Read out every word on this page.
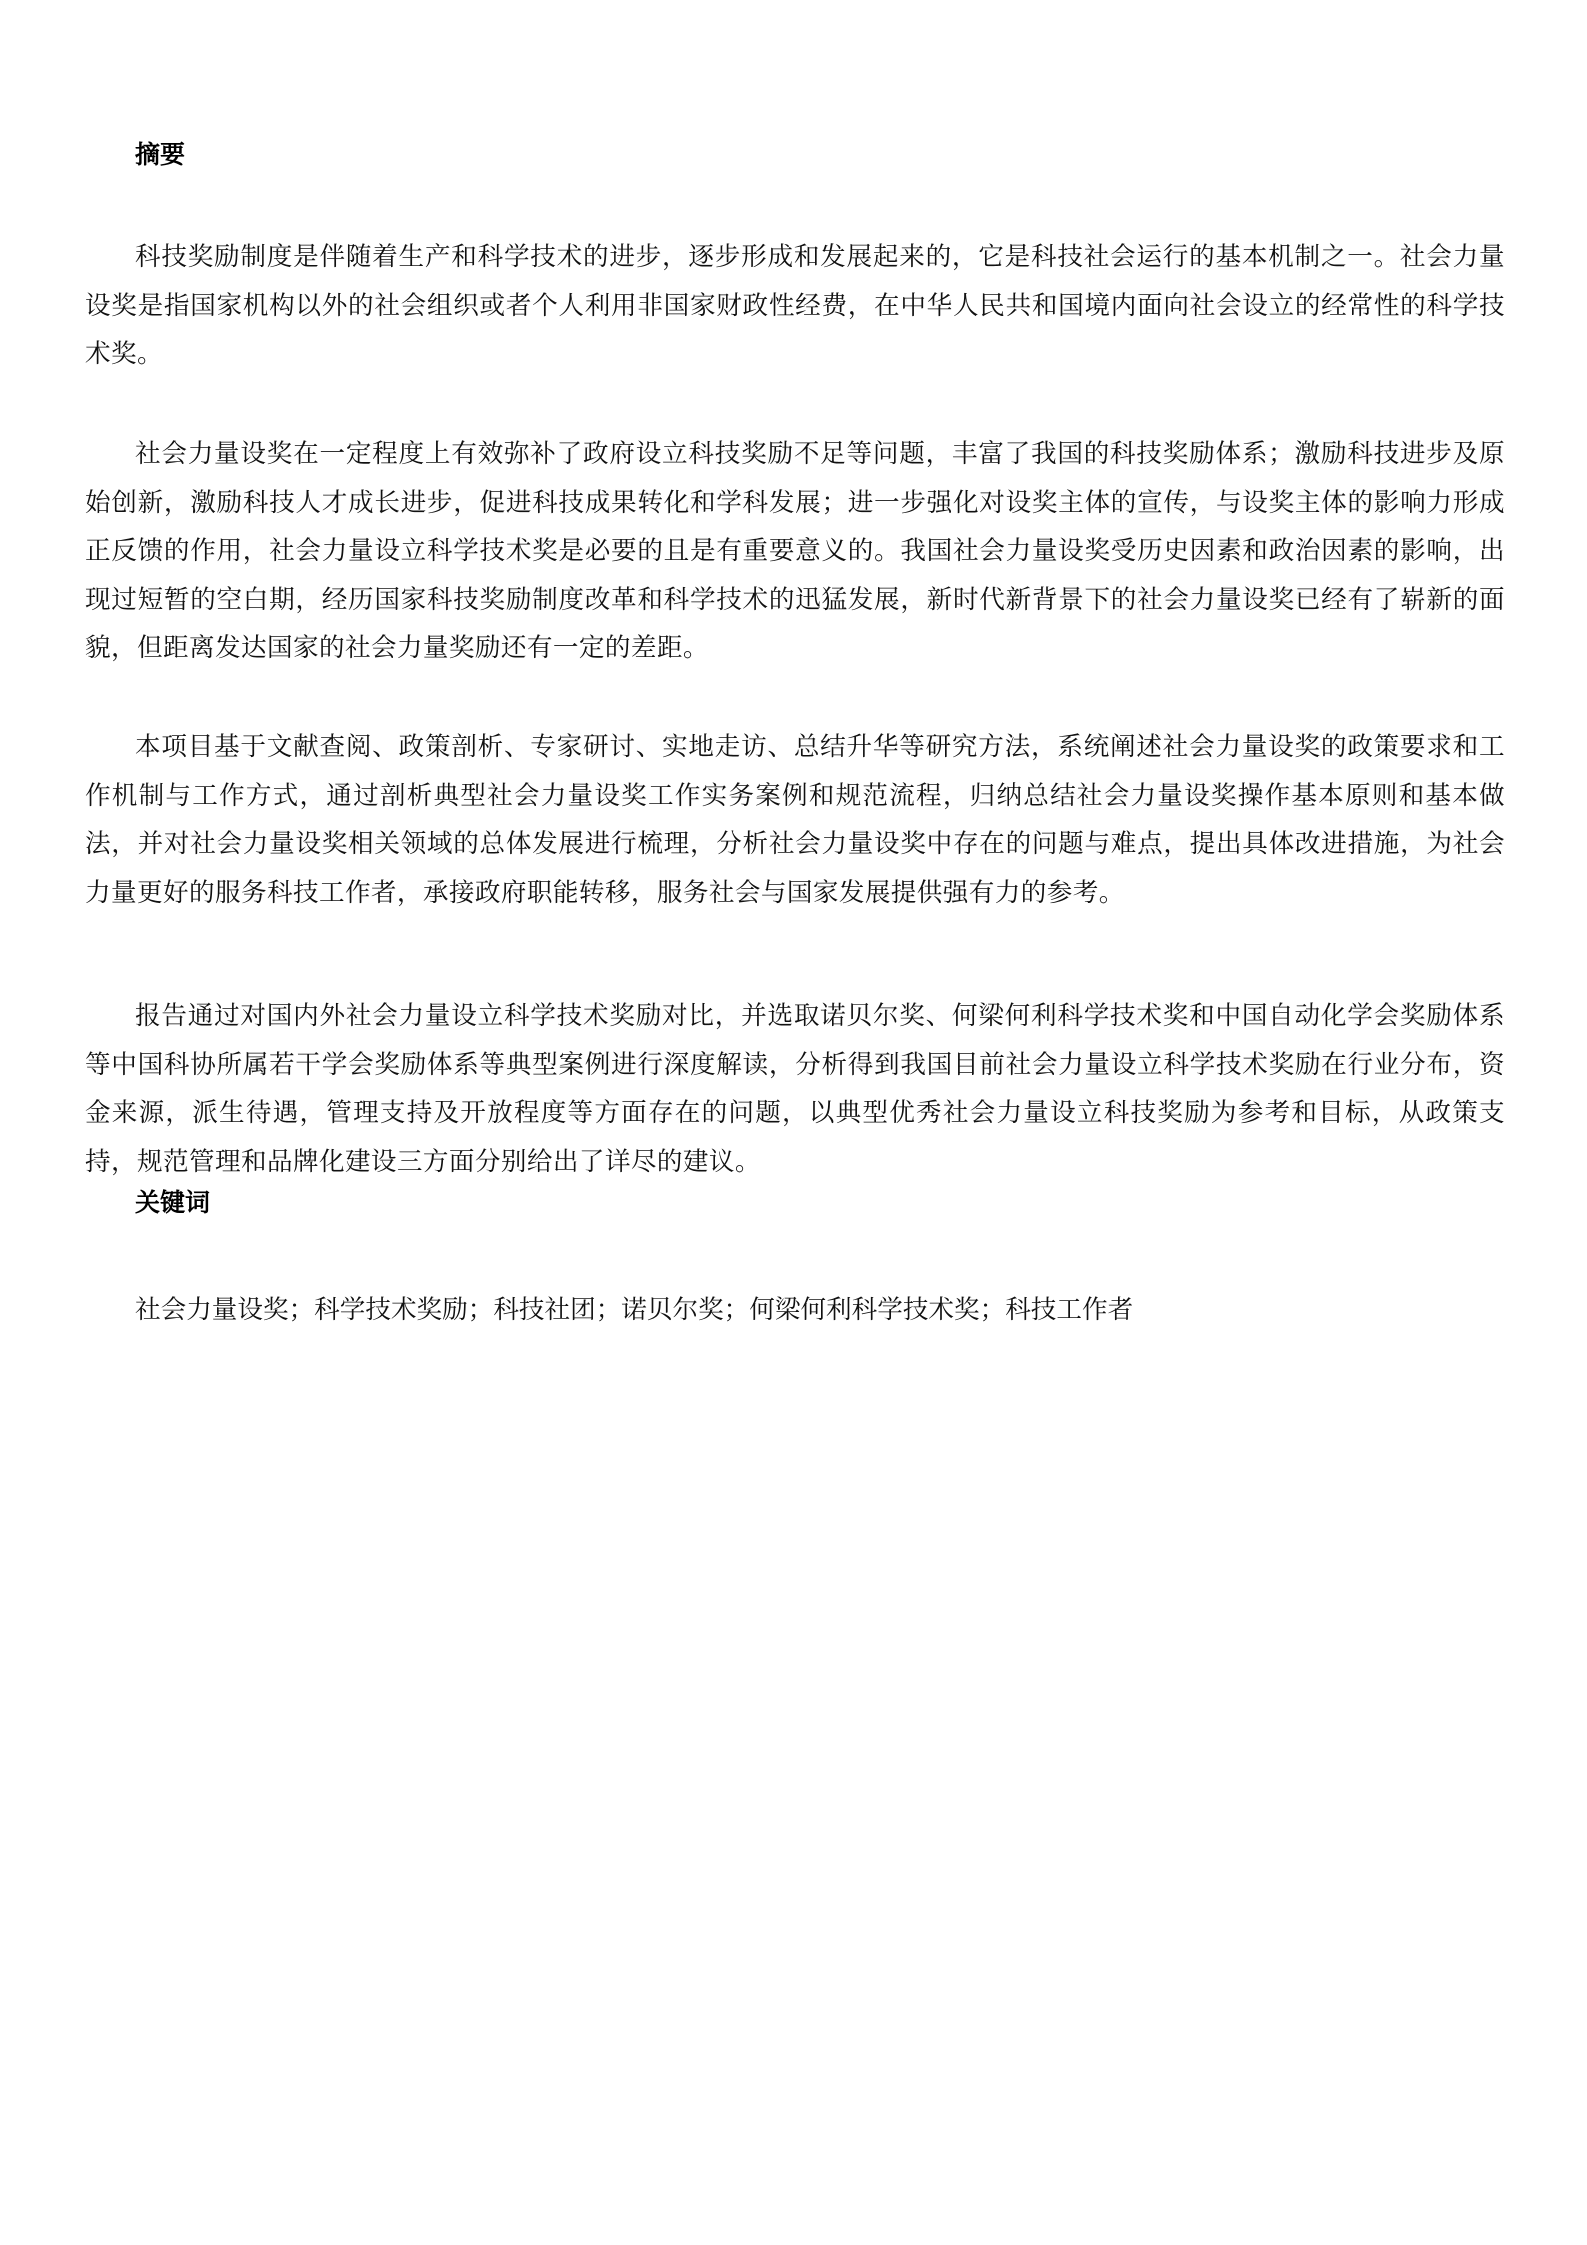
摘要

科技奖励制度是伴随着生产和科学技术的进步，逐步形成和发展起来的，它是科技社会运行的基本机制之一。社会力量设奖是指国家机构以外的社会组织或者个人利用非国家财政性经费，在中华人民共和国境内面向社会设立的经常性的科学技术奖。

社会力量设奖在一定程度上有效弥补了政府设立科技奖励不足等问题，丰富了我国的科技奖励体系；激励科技进步及原始创新，激励科技人才成长进步，促进科技成果转化和学科发展；进一步强化对设奖主体的宣传，与设奖主体的影响力形成正反馈的作用，社会力量设立科学技术奖是必要的且是有重要意义的。我国社会力量设奖受历史因素和政治因素的影响，出现过短暂的空白期，经历国家科技奖励制度改革和科学技术的迅猛发展，新时代新背景下的社会力量设奖已经有了崭新的面貌，但距离发达国家的社会力量奖励还有一定的差距。

本项目基于文献查阅、政策剖析、专家研讨、实地走访、总结升华等研究方法，系统阐述社会力量设奖的政策要求和工作机制与工作方式，通过剖析典型社会力量设奖工作实务案例和规范流程，归纳总结社会力量设奖操作基本原则和基本做法，并对社会力量设奖相关领域的总体发展进行梳理，分析社会力量设奖中存在的问题与难点，提出具体改进措施，为社会力量更好的服务科技工作者，承接政府职能转移，服务社会与国家发展提供强有力的参考。

报告通过对国内外社会力量设立科学技术奖励对比，并选取诺贝尔奖、何梁何利科学技术奖和中国自动化学会奖励体系等中国科协所属若干学会奖励体系等典型案例进行深度解读，分析得到我国目前社会力量设立科学技术奖励在行业分布，资金来源，派生待遇，管理支持及开放程度等方面存在的问题，以典型优秀社会力量设立科技奖励为参考和目标，从政策支持，规范管理和品牌化建设三方面分别给出了详尽的建议。

关键词

社会力量设奖；科学技术奖励；科技社团；诺贝尔奖；何梁何利科学技术奖；科技工作者
